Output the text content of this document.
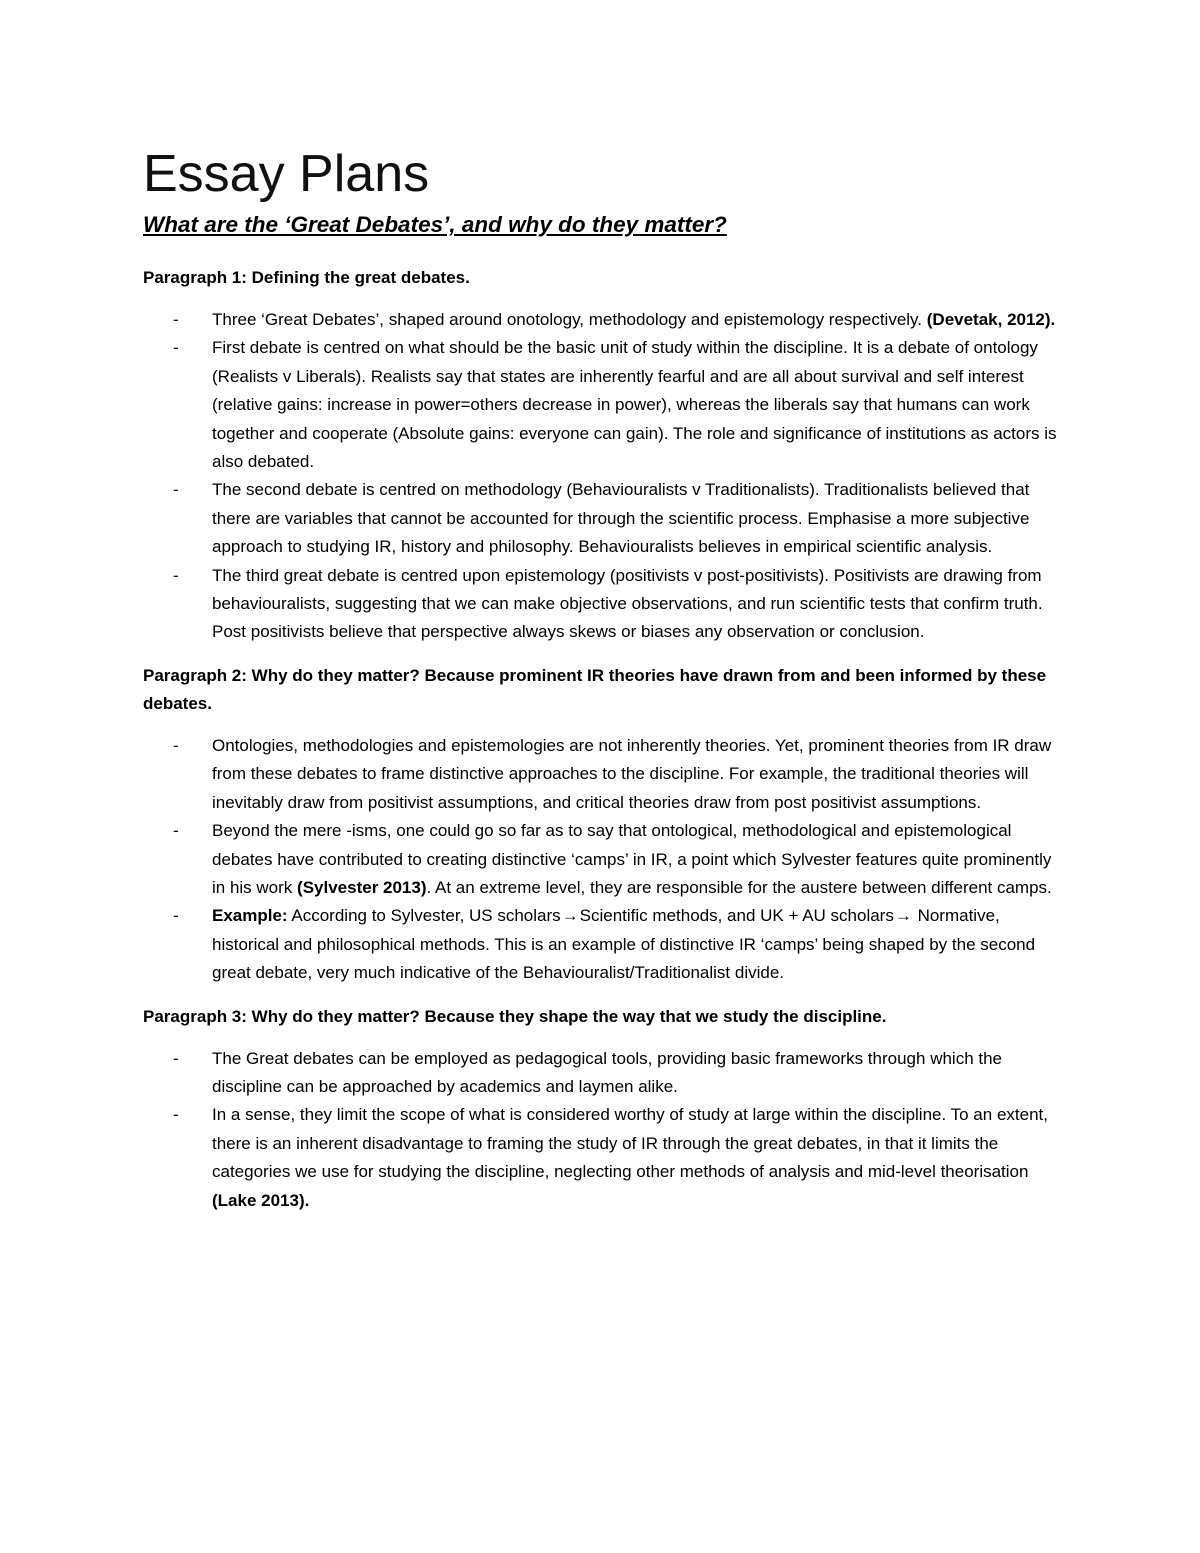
Essay Plans
What are the ‘Great Debates’, and why do they matter?

Paragraph 1: Defining the great debates.

- Three ‘Great Debates’, shaped around onotology, methodology and epistemology respectively. (Devetak, 2012).
- First debate is centred on what should be the basic unit of study within the discipline. It is a debate of ontology (Realists v Liberals). Realists say that states are inherently fearful and are all about survival and self interest (relative gains: increase in power=others decrease in power), whereas the liberals say that humans can work together and cooperate (Absolute gains: everyone can gain). The role and significance of institutions as actors is also debated.
- The second debate is centred on methodology (Behaviouralists v Traditionalists). Traditionalists believed that there are variables that cannot be accounted for through the scientific process. Emphasise a more subjective approach to studying IR, history and philosophy. Behaviouralists believes in empirical scientific analysis.
- The third great debate is centred upon epistemology (positivists v post-positivists). Positivists are drawing from behaviouralists, suggesting that we can make objective observations, and run scientific tests that confirm truth. Post positivists believe that perspective always skews or biases any observation or conclusion.

Paragraph 2: Why do they matter? Because prominent IR theories have drawn from and been informed by these debates.

- Ontologies, methodologies and epistemologies are not inherently theories. Yet, prominent theories from IR draw from these debates to frame distinctive approaches to the discipline. For example, the traditional theories will inevitably draw from positivist assumptions, and critical theories draw from post positivist assumptions.
- Beyond the mere -isms, one could go so far as to say that ontological, methodological and epistemological debates have contributed to creating distinctive ‘camps’ in IR, a point which Sylvester features quite prominently in his work (Sylvester 2013). At an extreme level, they are responsible for the austere between different camps.
- Example: According to Sylvester, US scholars→Scientific methods, and UK + AU scholars→ Normative, historical and philosophical methods. This is an example of distinctive IR ‘camps’ being shaped by the second great debate, very much indicative of the Behaviouralist/Traditionalist divide.

Paragraph 3: Why do they matter? Because they shape the way that we study the discipline.

- The Great debates can be employed as pedagogical tools, providing basic frameworks through which the discipline can be approached by academics and laymen alike.
- In a sense, they limit the scope of what is considered worthy of study at large within the discipline. To an extent, there is an inherent disadvantage to framing the study of IR through the great debates, in that it limits the categories we use for studying the discipline, neglecting other methods of analysis and mid-level theorisation (Lake 2013).
